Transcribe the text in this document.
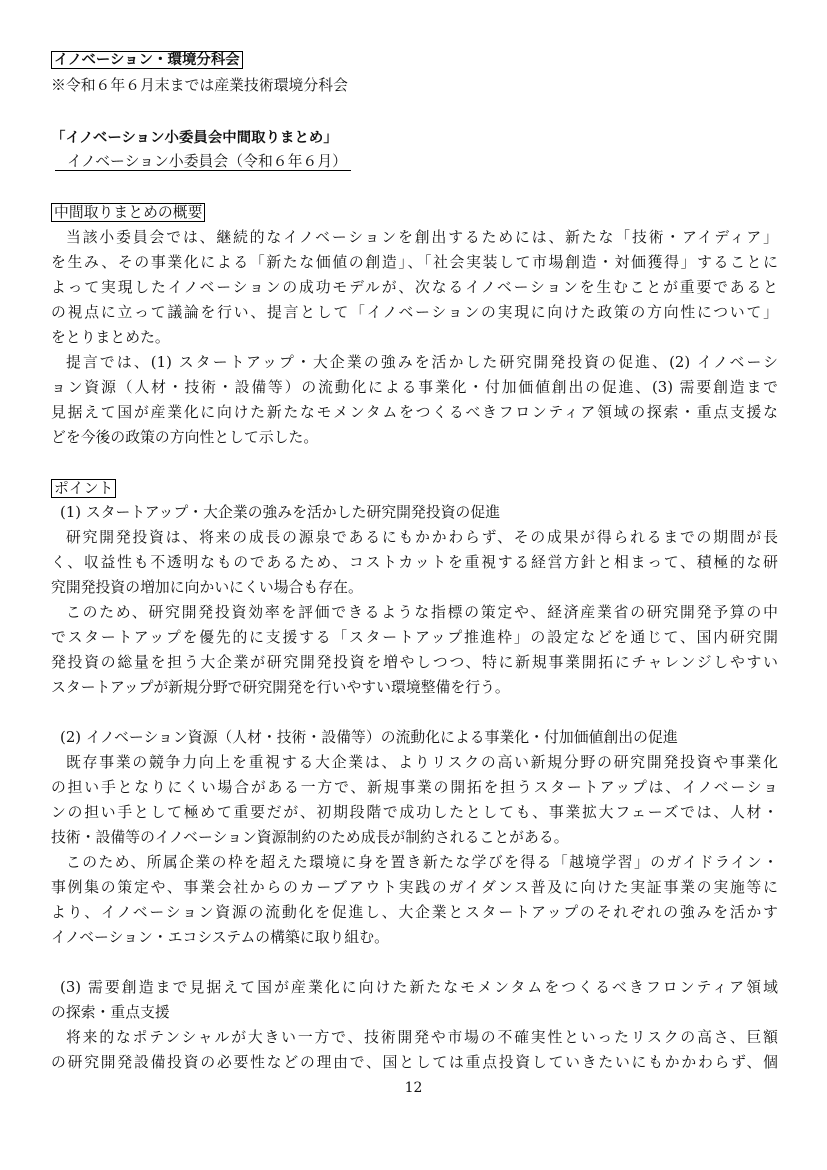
イノベーション・環境分科会
※令和６年６月末までは産業技術環境分科会
「イノベーション小委員会中間取りまとめ」
イノベーション小委員会（令和６年６月）
中間取りまとめの概要
当該小委員会では、継続的なイノベーションを創出するためには、新たな「技術・アイディア」
を生み、その事業化による「新たな価値の創造」、「社会実装して市場創造・対価獲得」することに
よって実現したイノベーションの成功モデルが、次なるイノベーションを生むことが重要であると
の視点に立って議論を行い、提言として「イノベーションの実現に向けた政策の方向性について」
をとりまとめた。
提言では、(1) スタートアップ・大企業の強みを活かした研究開発投資の促進、(2) イノベーシ
ョン資源（人材・技術・設備等）の流動化による事業化・付加価値創出の促進、(3) 需要創造まで
見据えて国が産業化に向けた新たなモメンタムをつくるべきフロンティア領域の探索・重点支援な
どを今後の政策の方向性として示した。
ポイント
(1) スタートアップ・大企業の強みを活かした研究開発投資の促進
研究開発投資は、将来の成長の源泉であるにもかかわらず、その成果が得られるまでの期間が長
く、収益性も不透明なものであるため、コストカットを重視する経営方針と相まって、積極的な研
究開発投資の増加に向かいにくい場合も存在。
このため、研究開発投資効率を評価できるような指標の策定や、経済産業省の研究開発予算の中
でスタートアップを優先的に支援する「スタートアップ推進枠」の設定などを通じて、国内研究開
発投資の総量を担う大企業が研究開発投資を増やしつつ、特に新規事業開拓にチャレンジしやすい
スタートアップが新規分野で研究開発を行いやすい環境整備を行う。
(2) イノベーション資源（人材・技術・設備等）の流動化による事業化・付加価値創出の促進
既存事業の競争力向上を重視する大企業は、よりリスクの高い新規分野の研究開発投資や事業化
の担い手となりにくい場合がある一方で、新規事業の開拓を担うスタートアップは、イノベーショ
ンの担い手として極めて重要だが、初期段階で成功したとしても、事業拡大フェーズでは、人材・
技術・設備等のイノベーション資源制約のため成長が制約されることがある。
このため、所属企業の枠を超えた環境に身を置き新たな学びを得る「越境学習」のガイドライン・
事例集の策定や、事業会社からのカーブアウト実践のガイダンス普及に向けた実証事業の実施等に
より、イノベーション資源の流動化を促進し、大企業とスタートアップのそれぞれの強みを活かす
イノベーション・エコシステムの構築に取り組む。
(3) 需要創造まで見据えて国が産業化に向けた新たなモメンタムをつくるべきフロンティア領域
の探索・重点支援
将来的なポテンシャルが大きい一方で、技術開発や市場の不確実性といったリスクの高さ、巨額
の研究開発設備投資の必要性などの理由で、国としては重点投資していきたいにもかかわらず、個
12
